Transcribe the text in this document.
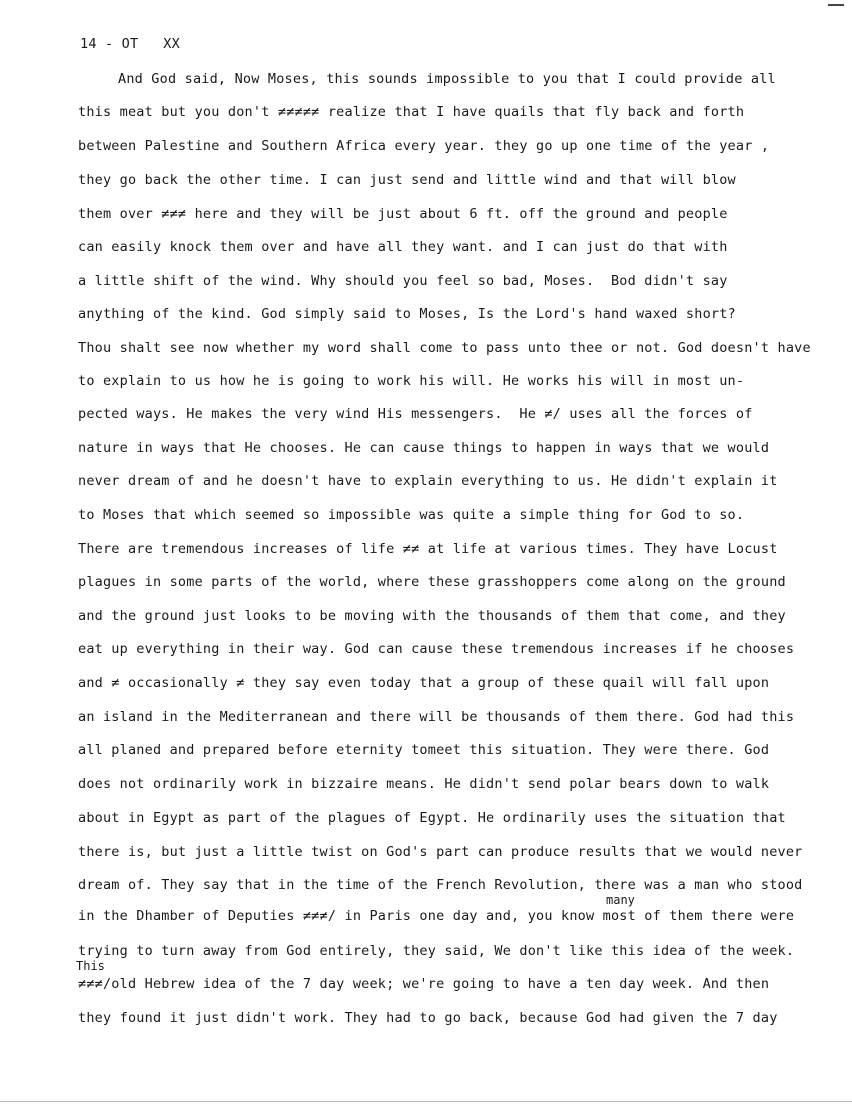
14 - OT   XX
And God said, Now Moses, this sounds impossible to you that I could provide all
this meat but you don't ≠≠≠≠≠ realize that I have quails that fly back and forth
between Palestine and Southern Africa every year. they go up one time of the year ,
they go back the other time. I can just send and little wind and that will blow
them over ≠≠≠ here and they will be just about 6 ft. off the ground and people
can easily knock them over and have all they want. and I can just do that with
a little shift of the wind. Why should you feel so bad, Moses.  Bod didn't say
anything of the kind. God simply said to Moses, Is the Lord's hand waxed short?
Thou shalt see now whether my word shall come to pass unto thee or not. God doesn't have
to explain to us how he is going to work his will. He works his will in most un-
pected ways. He makes the very wind His messengers.  He ≠/ uses all the forces of
nature in ways that He chooses. He can cause things to happen in ways that we would
never dream of and he doesn't have to explain everything to us. He didn't explain it
to Moses that which seemed so impossible was quite a simple thing for God to so.
There are tremendous increases of life ≠≠ at life at various times. They have Locust
plagues in some parts of the world, where these grasshoppers come along on the ground
and the ground just looks to be moving with the thousands of them that come, and they
eat up everything in their way. God can cause these tremendous increases if he chooses
and ≠ occasionally ≠ they say even today that a group of these quail will fall upon
an island in the Mediterranean and there will be thousands of them there. God had this
all planed and prepared before eternity tomeet this situation. They were there. God
does not ordinarily work in bizzaire means. He didn't send polar bears down to walk
about in Egypt as part of the plagues of Egypt. He ordinarily uses the situation that
there is, but just a little twist on God's part can produce results that we would never
dream of. They say that in the time of the French Revolution, there was a man who stood
many
in the Dhamber of Deputies ≠≠≠/ in Paris one day and, you know most of them there were
trying to turn away from God entirely, they said, We don't like this idea of the week.
This
≠≠≠/old Hebrew idea of the 7 day week; we're going to have a ten day week. And then
they found it just didn't work. They had to go back, because God had given the 7 day
